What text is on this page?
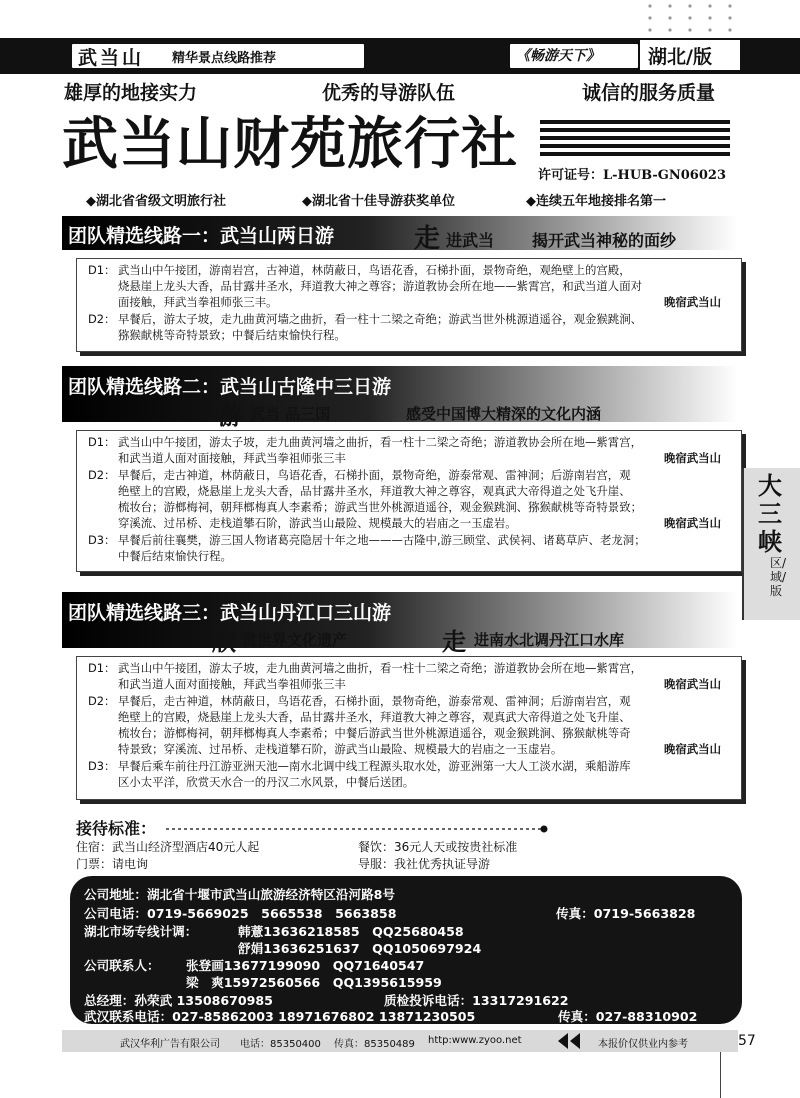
武当山 精华景点线路推荐	《畅游天下》	湖北/版
雄厚的地接实力	优秀的导游队伍	诚信的服务质量
武当山财苑旅行社 许可证号：L-HUB-GN06023
◆湖北省省级文明旅行社	◆湖北省十佳导游获奖单位	◆连续五年地接排名第一
团队精选线路一：武当山两日游	走 进武当 揭开武当神秘的面纱
D1： 武当山中午接团，游南岩宫，古神道，林荫蔽日，鸟语花香，石梯扑面，景物奇绝，观绝壁上的宫殿，
烧悬崖上龙头大香，品甘露井圣水，拜道教大神之尊容；游道教协会所在地——紫霄宫，和武当道人面对
面接触，拜武当拳祖师张三丰。	晚宿武当山
D2： 早餐后，游太子坡，走九曲黄河墙之曲折，看一柱十二梁之奇绝；游武当世外桃源逍遥谷，观金猴跳涧、
猕猴献桃等奇特景致；中餐后结束愉快行程。
团队精选线路二：武当山古隆中三日游
游 武当 品三国	感受中国博大精深的文化内涵
D1： 武当山中午接团，游太子坡，走九曲黄河墙之曲折，看一柱十二梁之奇绝；游道教协会所在地—紫霄宫，
和武当道人面对面接触，拜武当拳祖师张三丰	晚宿武当山
D2： 早餐后，走古神道，林荫蔽日，鸟语花香，石梯扑面，景物奇绝，游泰常观、雷神洞；后游南岩宫，观
绝壁上的宫殿，烧悬崖上龙头大香，品甘露井圣水，拜道教大神之尊容，观真武大帝得道之处飞升崖、
梳妆台；游榔梅祠，朝拜榔梅真人李素希；游武当世外桃源逍遥谷，观金猴跳涧、猕猴献桃等奇特景致；
穿溪流、过吊桥、走栈道攀石阶，游武当山最险、规模最大的岩庙之一玉虚岩。	晚宿武当山
D3： 早餐后前往襄樊，游三国人物诸葛亮隐居十年之地———古隆中,游三顾堂、武侯祠、诸葛草庐、老龙洞；
中餐后结束愉快行程。
大三峡
区/域/版
团队精选线路三：武当山丹江口三山游
欣 赏世界文化遗产	走 进南水北调丹江口水库
D1： 武当山中午接团，游太子坡，走九曲黄河墙之曲折，看一柱十二梁之奇绝；游道教协会所在地—紫霄宫，
和武当道人面对面接触，拜武当拳祖师张三丰	晚宿武当山
D2： 早餐后，走古神道，林荫蔽日，鸟语花香，石梯扑面，景物奇绝，游泰常观、雷神洞；后游南岩宫，观
绝壁上的宫殿，烧悬崖上龙头大香，品甘露井圣水，拜道教大神之尊容，观真武大帝得道之处飞升崖、
梳妆台；游榔梅祠，朝拜榔梅真人李素希；中餐后游武当世外桃源逍遥谷，观金猴跳涧、猕猴献桃等奇
特景致；穿溪流、过吊桥、走栈道攀石阶，游武当山最险、规模最大的岩庙之一玉虚岩。	晚宿武当山
D3： 早餐后乘车前往丹江游亚洲天池—南水北调中线工程源头取水处，游亚洲第一大人工淡水湖，乘船游库
区小太平洋，欣赏天水合一的丹汉二水风景，中餐后送团。
接待标准：
住宿：武当山经济型酒店40元人起	餐饮：36元人天或按贵社标准
门票：请电询	导服：我社优秀执证导游
公司地址：湖北省十堰市武当山旅游经济特区沿河路8号
公司电话：0719-5669025　5665538　5663858	传真：0719-5663828
湖北市场专线计调：	韩薏13636218585　QQ25680458
舒娟13636251637　QQ1050697924
公司联系人： 张登画13677199090　QQ71640547
梁　爽15972560566　QQ1395615959
总经理：孙荣武 13508670985	质检投诉电话：13317291622
武汉联系电话：027-85862003 18971676802 13871230505	传真：027-88310902
武汉华利广告有限公司 电话：85350400 传真：85350489 http:www.zyoo.net	本报价仅供业内参考	57
